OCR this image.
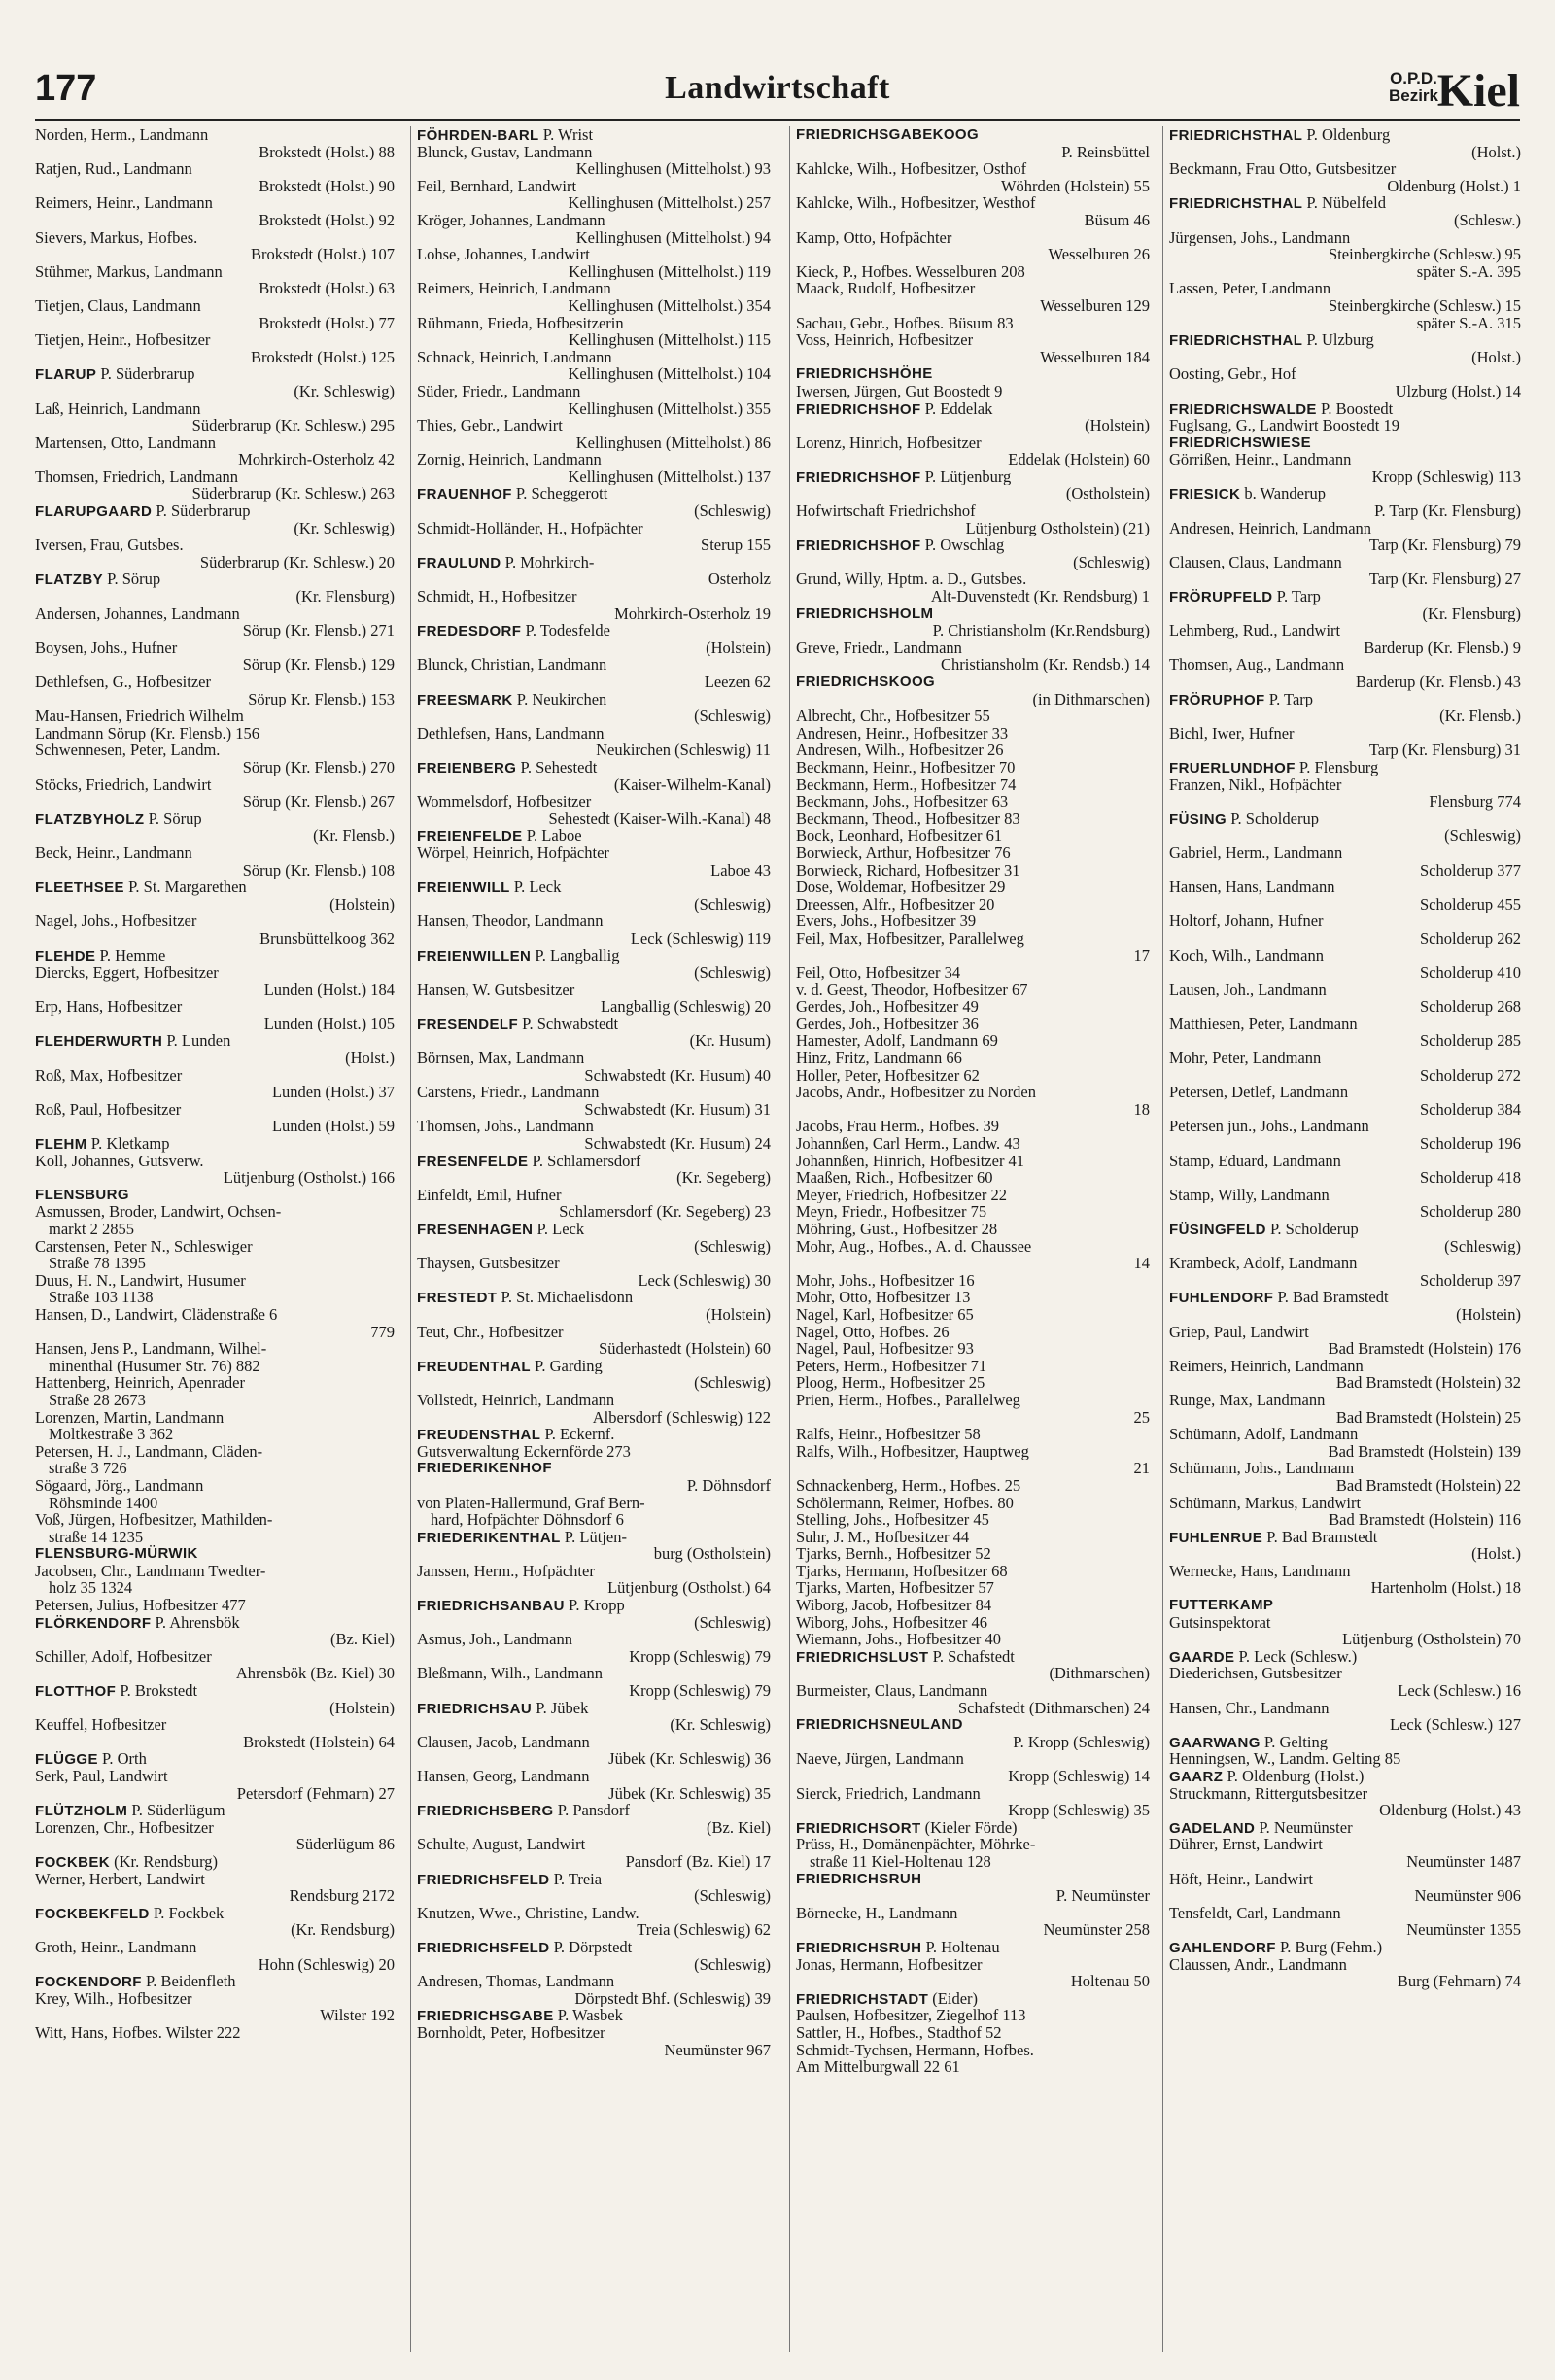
177	Landwirtschaft	O.P.D.
Bezirk
Kiel
Norden, Herm., Landmann
Brokstedt (Holst.) 88
Ratjen, Rud., Landmann
Brokstedt (Holst.) 90
Reimers, Heinr., Landmann
Brokstedt (Holst.) 92
Sievers, Markus, Hofbes.
Brokstedt (Holst.) 107
Stühmer, Markus, Landmann
Brokstedt (Holst.) 63
Tietjen, Claus, Landmann
Brokstedt (Holst.) 77
Tietjen, Heinr., Hofbesitzer
Brokstedt (Holst.) 125
FLARUP P. Süderbrarup
(Kr. Schleswig)
Laß, Heinrich, Landmann
Süderbrarup (Kr. Schlesw.) 295
Martensen, Otto, Landmann
Mohrkirch-Osterholz 42
Thomsen, Friedrich, Landmann
Süderbrarup (Kr. Schlesw.) 263
FLARUPGAARD P. Süderbrarup
(Kr. Schleswig)
Iversen, Frau, Gutsbes.
Süderbrarup (Kr. Schlesw.) 20
FLATZBY P. Sörup
(Kr. Flensburg)
Andersen, Johannes, Landmann
Sörup (Kr. Flensb.) 271
Boysen, Johs., Hufner
Sörup (Kr. Flensb.) 129
Dethlefsen, G., Hofbesitzer
Sörup Kr. Flensb.) 153
Mau-Hansen, Friedrich Wilhelm
Landmann Sörup (Kr. Flensb.) 156
Schwennesen, Peter, Landm.
Sörup (Kr. Flensb.) 270
Stöcks, Friedrich, Landwirt
Sörup (Kr. Flensb.) 267
FLATZBYHOLZ P. Sörup
(Kr. Flensb.)
Beck, Heinr., Landmann
Sörup (Kr. Flensb.) 108
FLEETHSEE P. St. Margarethen
(Holstein)
Nagel, Johs., Hofbesitzer
Brunsbüttelkoog 362
FLEHDE P. Hemme
Diercks, Eggert, Hofbesitzer
Lunden (Holst.) 184
Erp, Hans, Hofbesitzer
Lunden (Holst.) 105
FLEHDERWURTH P. Lunden
(Holst.)
Roß, Max, Hofbesitzer
Lunden (Holst.) 37
Roß, Paul, Hofbesitzer
Lunden (Holst.) 59
FLEHM P. Kletkamp
Koll, Johannes, Gutsverw.
Lütjenburg (Ostholst.) 166
FLENSBURG
Asmussen, Broder, Landwirt, Ochsen-
markt 2 2855
Carstensen, Peter N., Schleswiger
Straße 78 1395
Duus, H. N., Landwirt, Husumer
Straße 103 1138
Hansen, D., Landwirt, Clädenstraße 6
779
Hansen, Jens P., Landmann, Wilhel-
minenthal (Husumer Str. 76) 882
Hattenberg, Heinrich, Apenrader
Straße 28 2673
Lorenzen, Martin, Landmann
Moltkestraße 3 362
Petersen, H. J., Landmann, Cläden-
straße 3 726
Sögaard, Jörg., Landmann
Röhsminde 1400
Voß, Jürgen, Hofbesitzer, Mathilden-
straße 14 1235
FLENSBURG-MÜRWIK
Jacobsen, Chr., Landmann Twedter-
holz 35 1324
Petersen, Julius, Hofbesitzer 477
FLÖRKENDORF P. Ahrensbök
(Bz. Kiel)
Schiller, Adolf, Hofbesitzer
Ahrensbök (Bz. Kiel) 30
FLOTTHOF P. Brokstedt
(Holstein)
Keuffel, Hofbesitzer
Brokstedt (Holstein) 64
FLÜGGE P. Orth
Serk, Paul, Landwirt
Petersdorf (Fehmarn) 27
FLÜTZHOLM P. Süderlügum
Lorenzen, Chr., Hofbesitzer
Süderlügum 86
FOCKBEK (Kr. Rendsburg)
Werner, Herbert, Landwirt
Rendsburg 2172
FOCKBEKFELD P. Fockbek
(Kr. Rendsburg)
Groth, Heinr., Landmann
Hohn (Schleswig) 20
FOCKENDORF P. Beidenfleth
Krey, Wilh., Hofbesitzer
Wilster 192
Witt, Hans, Hofbes. Wilster 222
FÖHRDEN-BARL P. Wrist
Blunck, Gustav, Landmann
Kellinghusen (Mittelholst.) 93
Feil, Bernhard, Landwirt
Kellinghusen (Mittelholst.) 257
Kröger, Johannes, Landmann
Kellinghusen (Mittelholst.) 94
Lohse, Johannes, Landwirt
Kellinghusen (Mittelholst.) 119
Reimers, Heinrich, Landmann
Kellinghusen (Mittelholst.) 354
Rühmann, Frieda, Hofbesitzerin
Kellinghusen (Mittelholst.) 115
Schnack, Heinrich, Landmann
Kellinghusen (Mittelholst.) 104
Süder, Friedr., Landmann
Kellinghusen (Mittelholst.) 355
Thies, Gebr., Landwirt
Kellinghusen (Mittelholst.) 86
Zornig, Heinrich, Landmann
Kellinghusen (Mittelholst.) 137
FRAUENHOF P. Scheggerott
(Schleswig)
Schmidt-Holländer, H., Hofpächter
Sterup 155
FRAULUND P. Mohrkirch-
Osterholz
Schmidt, H., Hofbesitzer
Mohrkirch-Osterholz 19
FREDESDORF P. Todesfelde
(Holstein)
Blunck, Christian, Landmann
Leezen 62
FREESMARK P. Neukirchen
(Schleswig)
Dethlefsen, Hans, Landmann
Neukirchen (Schleswig) 11
FREIENBERG P. Sehestedt
(Kaiser-Wilhelm-Kanal)
Wommelsdorf, Hofbesitzer
Sehestedt (Kaiser-Wilh.-Kanal) 48
FREIENFELDE P. Laboe
Wörpel, Heinrich, Hofpächter
Laboe 43
FREIENWILL P. Leck
(Schleswig)
Hansen, Theodor, Landmann
Leck (Schleswig) 119
FREIENWILLEN P. Langballig
(Schleswig)
Hansen, W. Gutsbesitzer
Langballig (Schleswig) 20
FRESENDELF P. Schwabstedt
(Kr. Husum)
Börnsen, Max, Landmann
Schwabstedt (Kr. Husum) 40
Carstens, Friedr., Landmann
Schwabstedt (Kr. Husum) 31
Thomsen, Johs., Landmann
Schwabstedt (Kr. Husum) 24
FRESENFELDE P. Schlamersdorf
(Kr. Segeberg)
Einfeldt, Emil, Hufner
Schlamersdorf (Kr. Segeberg) 23
FRESENHAGEN P. Leck
(Schleswig)
Thaysen, Gutsbesitzer
Leck (Schleswig) 30
FRESTEDT P. St. Michaelisdonn
(Holstein)
Teut, Chr., Hofbesitzer
Süderhastedt (Holstein) 60
FREUDENTHAL P. Garding
(Schleswig)
Vollstedt, Heinrich, Landmann
Albersdorf (Schleswig) 122
FREUDENSTHAL P. Eckernf.
Gutsverwaltung Eckernförde 273
FRIEDERIKENHOF
P. Döhnsdorf
von Platen-Hallermund, Graf Bern-
hard, Hofpächter Döhnsdorf 6
FRIEDERIKENTHAL P. Lütjen-
burg (Ostholstein)
Janssen, Herm., Hofpächter
Lütjenburg (Ostholst.) 64
FRIEDRICHSANBAU P. Kropp
(Schleswig)
Asmus, Joh., Landmann
Kropp (Schleswig) 79
Bleßmann, Wilh., Landmann
Kropp (Schleswig) 79
FRIEDRICHSAU P. Jübek
(Kr. Schleswig)
Clausen, Jacob, Landmann
Jübek (Kr. Schleswig) 36
Hansen, Georg, Landmann
Jübek (Kr. Schleswig) 35
FRIEDRICHSBERG P. Pansdorf
(Bz. Kiel)
Schulte, August, Landwirt
Pansdorf (Bz. Kiel) 17
FRIEDRICHSFELD P. Treia
(Schleswig)
Knutzen, Wwe., Christine, Landw.
Treia (Schleswig) 62
FRIEDRICHSFELD P. Dörpstedt
(Schleswig)
Andresen, Thomas, Landmann
Dörpstedt Bhf. (Schleswig) 39
FRIEDRICHSGABE P. Wasbek
Bornholdt, Peter, Hofbesitzer
Neumünster 967
FRIEDRICHSGABEKOOG
P. Reinsbüttel
Kahlcke, Wilh., Hofbesitzer, Osthof
Wöhrden (Holstein) 55
Kahlcke, Wilh., Hofbesitzer, Westhof
Büsum 46
Kamp, Otto, Hofpächter
Wesselburen 26
Kieck, P., Hofbes. Wesselburen 208
Maack, Rudolf, Hofbesitzer
Wesselburen 129
Sachau, Gebr., Hofbes. Büsum 83
Voss, Heinrich, Hofbesitzer
Wesselburen 184
FRIEDRICHSHÖHE
Iwersen, Jürgen, Gut Boostedt 9
FRIEDRICHSHOF P. Eddelak
(Holstein)
Lorenz, Hinrich, Hofbesitzer
Eddelak (Holstein) 60
FRIEDRICHSHOF P. Lütjenburg
(Ostholstein)
Hofwirtschaft Friedrichshof
Lütjenburg Ostholstein) (21)
FRIEDRICHSHOF P. Owschlag
(Schleswig)
Grund, Willy, Hptm. a. D., Gutsbes.
Alt-Duvenstedt (Kr. Rendsburg) 1
FRIEDRICHSHOLM
P. Christiansholm (Kr.Rendsburg)
Greve, Friedr., Landmann
Christiansholm (Kr. Rendsb.) 14
FRIEDRICHSKOOG
(in Dithmarschen)
Albrecht, Chr., Hofbesitzer 55
Andresen, Heinr., Hofbesitzer 33
Andresen, Wilh., Hofbesitzer 26
Beckmann, Heinr., Hofbesitzer 70
Beckmann, Herm., Hofbesitzer 74
Beckmann, Johs., Hofbesitzer 63
Beckmann, Theod., Hofbesitzer 83
Bock, Leonhard, Hofbesitzer 61
Borwieck, Arthur, Hofbesitzer 76
Borwieck, Richard, Hofbesitzer 31
Dose, Woldemar, Hofbesitzer 29
Dreessen, Alfr., Hofbesitzer 20
Evers, Johs., Hofbesitzer 39
Feil, Max, Hofbesitzer, Parallelweg
17
Feil, Otto, Hofbesitzer 34
v. d. Geest, Theodor, Hofbesitzer 67
Gerdes, Joh., Hofbesitzer 49
Gerdes, Joh., Hofbesitzer 36
Hamester, Adolf, Landmann 69
Hinz, Fritz, Landmann 66
Holler, Peter, Hofbesitzer 62
Jacobs, Andr., Hofbesitzer zu Norden
18
Jacobs, Frau Herm., Hofbes. 39
Johannßen, Carl Herm., Landw. 43
Johannßen, Hinrich, Hofbesitzer 41
Maaßen, Rich., Hofbesitzer 60
Meyer, Friedrich, Hofbesitzer 22
Meyn, Friedr., Hofbesitzer 75
Möhring, Gust., Hofbesitzer 28
Mohr, Aug., Hofbes., A. d. Chaussee
14
Mohr, Johs., Hofbesitzer 16
Mohr, Otto, Hofbesitzer 13
Nagel, Karl, Hofbesitzer 65
Nagel, Otto, Hofbes. 26
Nagel, Paul, Hofbesitzer 93
Peters, Herm., Hofbesitzer 71
Ploog, Herm., Hofbesitzer 25
Prien, Herm., Hofbes., Parallelweg
25
Ralfs, Heinr., Hofbesitzer 58
Ralfs, Wilh., Hofbesitzer, Hauptweg
21
Schnackenberg, Herm., Hofbes. 25
Schölermann, Reimer, Hofbes. 80
Stelling, Johs., Hofbesitzer 45
Suhr, J. M., Hofbesitzer 44
Tjarks, Bernh., Hofbesitzer 52
Tjarks, Hermann, Hofbesitzer 68
Tjarks, Marten, Hofbesitzer 57
Wiborg, Jacob, Hofbesitzer 84
Wiborg, Johs., Hofbesitzer 46
Wiemann, Johs., Hofbesitzer 40
FRIEDRICHSLUST P. Schafstedt
(Dithmarschen)
Burmeister, Claus, Landmann
Schafstedt (Dithmarschen) 24
FRIEDRICHSNEULAND
P. Kropp (Schleswig)
Naeve, Jürgen, Landmann
Kropp (Schleswig) 14
Sierck, Friedrich, Landmann
Kropp (Schleswig) 35
FRIEDRICHSORT (Kieler Förde)
Prüss, H., Domänenpächter, Möhrke-
straße 11 Kiel-Holtenau 128
FRIEDRICHSRUH
P. Neumünster
Börnecke, H., Landmann
Neumünster 258
FRIEDRICHSRUH P. Holtenau
Jonas, Hermann, Hofbesitzer
Holtenau 50
FRIEDRICHSTADT (Eider)
Paulsen, Hofbesitzer, Ziegelhof 113
Sattler, H., Hofbes., Stadthof 52
Schmidt-Tychsen, Hermann, Hofbes.
Am Mittelburgwall 22 61
FRIEDRICHSTHAL P. Oldenburg
(Holst.)
Beckmann, Frau Otto, Gutsbesitzer
Oldenburg (Holst.) 1
FRIEDRICHSTHAL P. Nübelfeld
(Schlesw.)
Jürgensen, Johs., Landmann
Steinbergkirche (Schlesw.) 95
später S.-A. 395
Lassen, Peter, Landmann
Steinbergkirche (Schlesw.) 15
später S.-A. 315
FRIEDRICHSTHAL P. Ulzburg
(Holst.)
Oosting, Gebr., Hof
Ulzburg (Holst.) 14
FRIEDRICHSWALDE P. Boostedt
Fuglsang, G., Landwirt Boostedt 19
FRIEDRICHSWIESE
Görrißen, Heinr., Landmann
Kropp (Schleswig) 113
FRIESICK b. Wanderup
P. Tarp (Kr. Flensburg)
Andresen, Heinrich, Landmann
Tarp (Kr. Flensburg) 79
Clausen, Claus, Landmann
Tarp (Kr. Flensburg) 27
FRÖRUPFELD P. Tarp
(Kr. Flensburg)
Lehmberg, Rud., Landwirt
Barderup (Kr. Flensb.) 9
Thomsen, Aug., Landmann
Barderup (Kr. Flensb.) 43
FRÖRUPHOF P. Tarp
(Kr. Flensb.)
Bichl, Iwer, Hufner
Tarp (Kr. Flensburg) 31
FRUERLUNDHOF P. Flensburg
Franzen, Nikl., Hofpächter
Flensburg 774
FÜSING P. Scholderup
(Schleswig)
Gabriel, Herm., Landmann
Scholderup 377
Hansen, Hans, Landmann
Scholderup 455
Holtorf, Johann, Hufner
Scholderup 262
Koch, Wilh., Landmann
Scholderup 410
Lausen, Joh., Landmann
Scholderup 268
Matthiesen, Peter, Landmann
Scholderup 285
Mohr, Peter, Landmann
Scholderup 272
Petersen, Detlef, Landmann
Scholderup 384
Petersen jun., Johs., Landmann
Scholderup 196
Stamp, Eduard, Landmann
Scholderup 418
Stamp, Willy, Landmann
Scholderup 280
FÜSINGFELD P. Scholderup
(Schleswig)
Krambeck, Adolf, Landmann
Scholderup 397
FUHLENDORF P. Bad Bramstedt
(Holstein)
Griep, Paul, Landwirt
Bad Bramstedt (Holstein) 176
Reimers, Heinrich, Landmann
Bad Bramstedt (Holstein) 32
Runge, Max, Landmann
Bad Bramstedt (Holstein) 25
Schümann, Adolf, Landmann
Bad Bramstedt (Holstein) 139
Schümann, Johs., Landmann
Bad Bramstedt (Holstein) 22
Schümann, Markus, Landwirt
Bad Bramstedt (Holstein) 116
FUHLENRUE P. Bad Bramstedt
(Holst.)
Wernecke, Hans, Landmann
Hartenholm (Holst.) 18
FUTTERKAMP
Gutsinspektorat
Lütjenburg (Ostholstein) 70
GAARDE P. Leck (Schlesw.)
Diederichsen, Gutsbesitzer
Leck (Schlesw.) 16
Hansen, Chr., Landmann
Leck (Schlesw.) 127
GAARWANG P. Gelting
Henningsen, W., Landm. Gelting 85
GAARZ P. Oldenburg (Holst.)
Struckmann, Rittergutsbesitzer
Oldenburg (Holst.) 43
GADELAND P. Neumünster
Dührer, Ernst, Landwirt
Neumünster 1487
Höft, Heinr., Landwirt
Neumünster 906
Tensfeldt, Carl, Landmann
Neumünster 1355
GAHLENDORF P. Burg (Fehm.)
Claussen, Andr., Landmann
Burg (Fehmarn) 74
